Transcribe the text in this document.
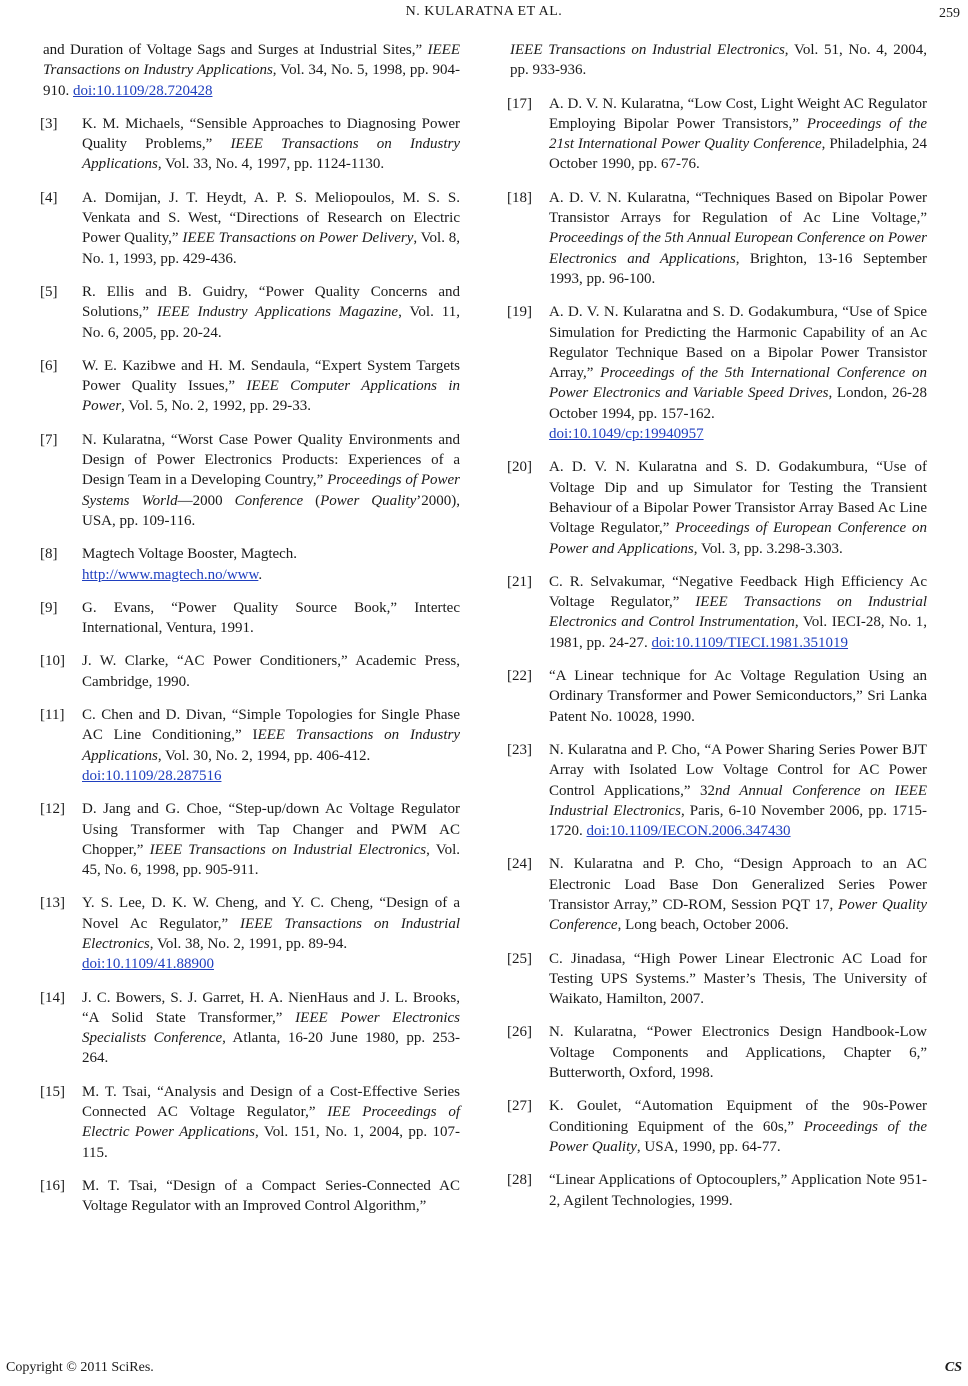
N. KULARATNA ET AL.	259
and Duration of Voltage Sags and Surges at Industrial Sites,” IEEE Transactions on Industry Applications, Vol. 34, No. 5, 1998, pp. 904-910. doi:10.1109/28.720428
[3] K. M. Michaels, “Sensible Approaches to Diagnosing Power Quality Problems,” IEEE Transactions on Industry Applications, Vol. 33, No. 4, 1997, pp. 1124-1130.
[4] A. Domijan, J. T. Heydt, A. P. S. Meliopoulos, M. S. S. Venkata and S. West, “Directions of Research on Electric Power Quality,” IEEE Transactions on Power Delivery, Vol. 8, No. 1, 1993, pp. 429-436.
[5] R. Ellis and B. Guidry, “Power Quality Concerns and Solutions,” IEEE Industry Applications Magazine, Vol. 11, No. 6, 2005, pp. 20-24.
[6] W. E. Kazibwe and H. M. Sendaula, “Expert System Targets Power Quality Issues,” IEEE Computer Applications in Power, Vol. 5, No. 2, 1992, pp. 29-33.
[7] N. Kularatna, “Worst Case Power Quality Environments and Design of Power Electronics Products: Experiences of a Design Team in a Developing Country,” Proceedings of Power Systems World—2000 Conference (Power Quality’2000), USA, pp. 109-116.
[8] Magtech Voltage Booster, Magtech.
http://www.magtech.no/www.
[9] G. Evans, “Power Quality Source Book,” Intertec International, Ventura, 1991.
[10] J. W. Clarke, “AC Power Conditioners,” Academic Press, Cambridge, 1990.
[11] C. Chen and D. Divan, “Simple Topologies for Single Phase AC Line Conditioning,” IEEE Transactions on Industry Applications, Vol. 30, No. 2, 1994, pp. 406-412.
doi:10.1109/28.287516
[12] D. Jang and G. Choe, “Step-up/down Ac Voltage Regulator Using Transformer with Tap Changer and PWM AC Chopper,” IEEE Transactions on Industrial Electronics, Vol. 45, No. 6, 1998, pp. 905-911.
[13] Y. S. Lee, D. K. W. Cheng, and Y. C. Cheng, “Design of a Novel Ac Regulator,” IEEE Transactions on Industrial Electronics, Vol. 38, No. 2, 1991, pp. 89-94.
doi:10.1109/41.88900
[14] J. C. Bowers, S. J. Garret, H. A. NienHaus and J. L. Brooks, “A Solid State Transformer,” IEEE Power Electronics Specialists Conference, Atlanta, 16-20 June 1980, pp. 253-264.
[15] M. T. Tsai, “Analysis and Design of a Cost-Effective Series Connected AC Voltage Regulator,” IEE Proceedings of Electric Power Applications, Vol. 151, No. 1, 2004, pp. 107-115.
[16] M. T. Tsai, “Design of a Compact Series-Connected AC Voltage Regulator with an Improved Control Algorithm,”
IEEE Transactions on Industrial Electronics, Vol. 51, No. 4, 2004, pp. 933-936.
[17] A. D. V. N. Kularatna, “Low Cost, Light Weight AC Regulator Employing Bipolar Power Transistors,” Proceedings of the 21st International Power Quality Conference, Philadelphia, 24 October 1990, pp. 67-76.
[18] A. D. V. N. Kularatna, “Techniques Based on Bipolar Power Transistor Arrays for Regulation of Ac Line Voltage,” Proceedings of the 5th Annual European Conference on Power Electronics and Applications, Brighton, 13-16 September 1993, pp. 96-100.
[19] A. D. V. N. Kularatna and S. D. Godakumbura, “Use of Spice Simulation for Predicting the Harmonic Capability of an Ac Regulator Technique Based on a Bipolar Power Transistor Array,” Proceedings of the 5th International Conference on Power Electronics and Variable Speed Drives, London, 26-28 October 1994, pp. 157-162.
doi:10.1049/cp:19940957
[20] A. D. V. N. Kularatna and S. D. Godakumbura, “Use of Voltage Dip and up Simulator for Testing the Transient Behaviour of a Bipolar Power Transistor Array Based Ac Line Voltage Regulator,” Proceedings of European Conference on Power and Applications, Vol. 3, pp. 3.298-3.303.
[21] C. R. Selvakumar, “Negative Feedback High Efficiency Ac Voltage Regulator,” IEEE Transactions on Industrial Electronics and Control Instrumentation, Vol. IECI-28, No. 1, 1981, pp. 24-27. doi:10.1109/TIECI.1981.351019
[22] “A Linear technique for Ac Voltage Regulation Using an Ordinary Transformer and Power Semiconductors,” Sri Lanka Patent No. 10028, 1990.
[23] N. Kularatna and P. Cho, “A Power Sharing Series Power BJT Array with Isolated Low Voltage Control for AC Power Control Applications,” 32nd Annual Conference on IEEE Industrial Electronics, Paris, 6-10 November 2006, pp. 1715-1720. doi:10.1109/IECON.2006.347430
[24] N. Kularatna and P. Cho, “Design Approach to an AC Electronic Load Base Don Generalized Series Power Transistor Array,” CD-ROM, Session PQT 17, Power Quality Conference, Long beach, October 2006.
[25] C. Jinadasa, “High Power Linear Electronic AC Load for Testing UPS Systems.” Master’s Thesis, The University of Waikato, Hamilton, 2007.
[26] N. Kularatna, “Power Electronics Design Handbook-Low Voltage Components and Applications, Chapter 6,” Butterworth, Oxford, 1998.
[27] K. Goulet, “Automation Equipment of the 90s-Power Conditioning Equipment of the 60s,” Proceedings of the Power Quality, USA, 1990, pp. 64-77.
[28] “Linear Applications of Optocouplers,” Application Note 951-2, Agilent Technologies, 1999.
Copyright © 2011 SciRes.	CS
